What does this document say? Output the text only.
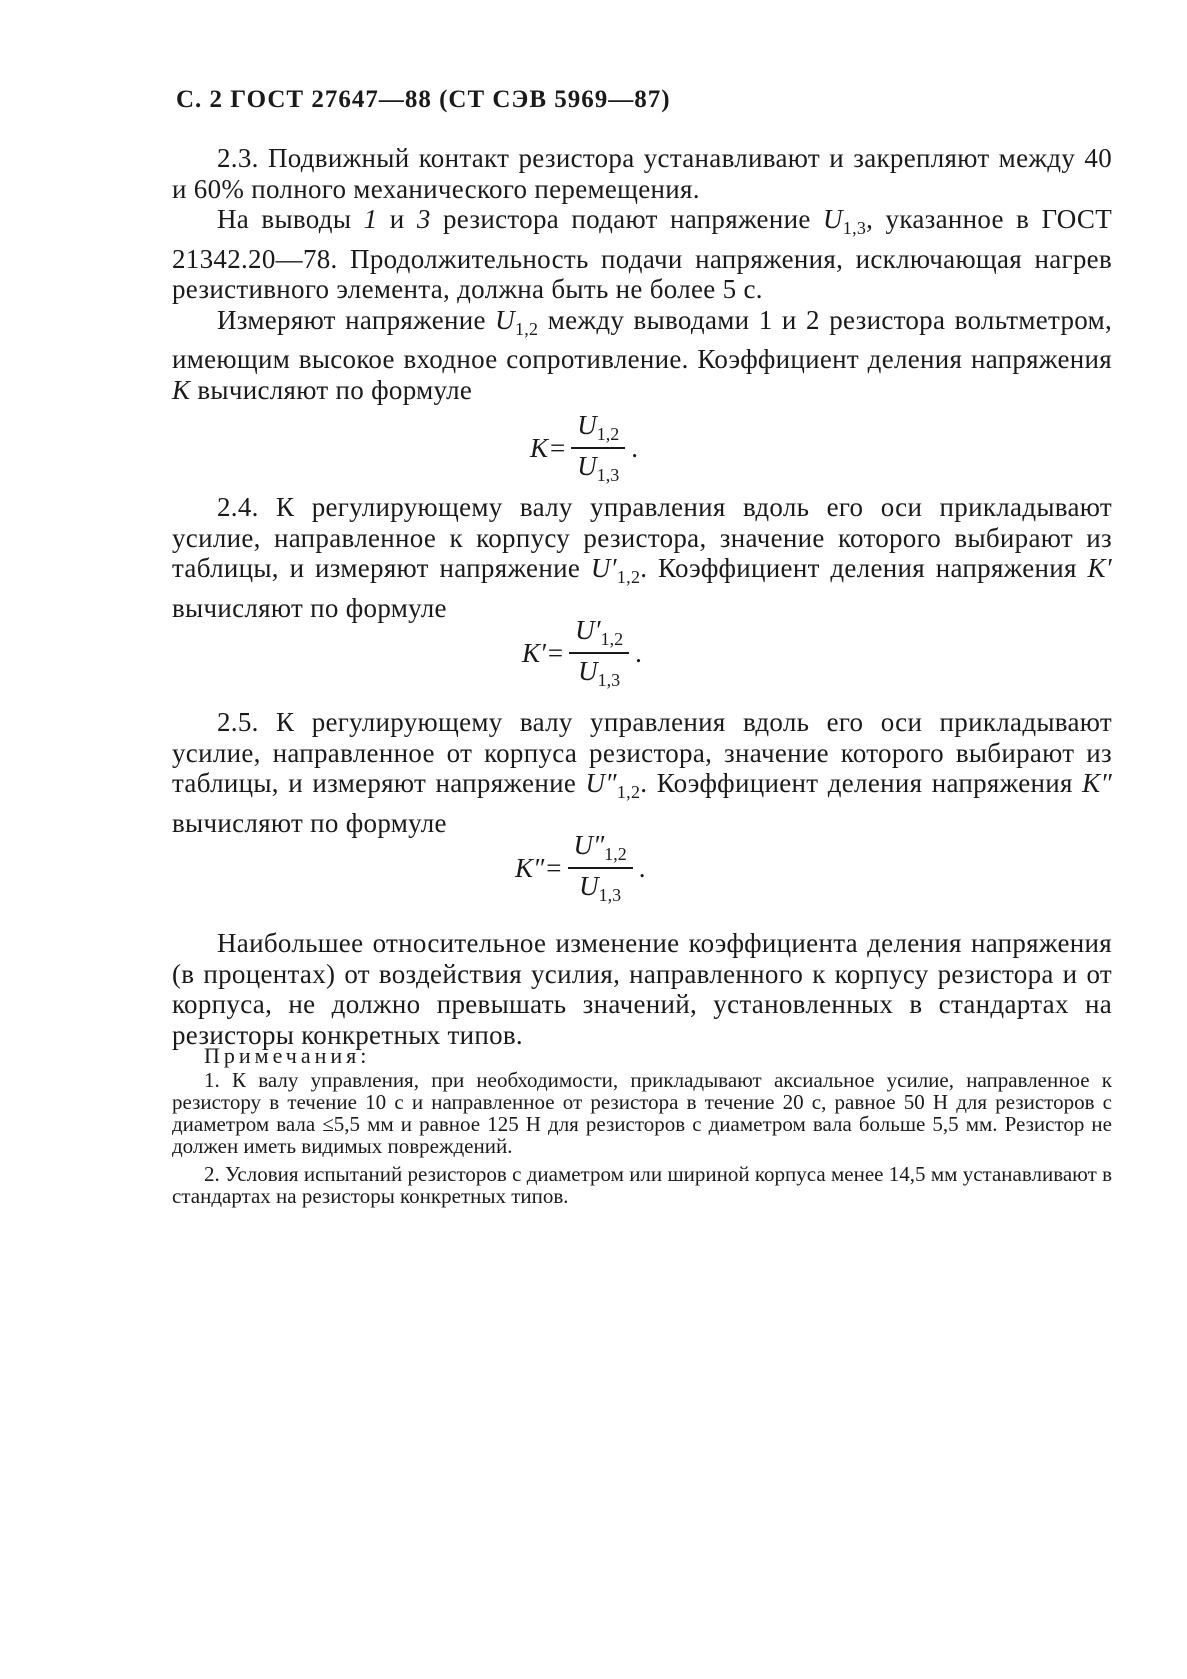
С. 2 ГОСТ 27647—88 (СТ СЭВ 5969—87)

2.3. Подвижный контакт резистора устанавливают и закрепляют между 40 и 60% полного механического перемещения.

На выводы 1 и 3 резистора подают напряжение $U_{1,3}$, указанное в ГОСТ 21342.20—78. Продолжительность подачи напряжения, исключающая нагрев резистивного элемента, должна быть не более 5 с.

Измеряют напряжение $U_{1,2}$ между выводами 1 и 2 резистора вольтметром, имеющим высокое входное сопротивление. Коэффициент деления напряжения K вычисляют по формуле

$K = \frac{U_{1,2}}{U_{1,3}}$ .

2.4. К регулирующему валу управления вдоль его оси прикладывают усилие, направленное к корпусу резистора, значение которого выбирают из таблицы, и измеряют напряжение $U'_{1,2}$. Коэффициент деления напряжения K′ вычисляют по формуле

$K' = \frac{U'_{1,2}}{U_{1,3}}$ .

2.5. К регулирующему валу управления вдоль его оси прикладывают усилие, направленное от корпуса резистора, значение которого выбирают из таблицы, и измеряют напряжение $U''_{1,2}$. Коэффициент деления напряжения K″ вычисляют по формуле

$K'' = \frac{U''_{1,2}}{U_{1,3}}$ .

Наибольшее относительное изменение коэффициента деления напряжения (в процентах) от воздействия усилия, направленного к корпусу резистора и от корпуса, не должно превышать значений, установленных в стандартах на резисторы конкретных типов.

Примечания:

1. К валу управления, при необходимости, прикладывают аксиальное усилие, направленное к резистору в течение 10 с и направленное от резистора в течение 20 с, равное 50 Н для резисторов с диаметром вала ≤5,5 мм и равное 125 Н для резисторов с диаметром вала больше 5,5 мм. Резистор не должен иметь видимых повреждений.

2. Условия испытаний резисторов с диаметром или шириной корпуса менее 14,5 мм устанавливают в стандартах на резисторы конкретных типов.
